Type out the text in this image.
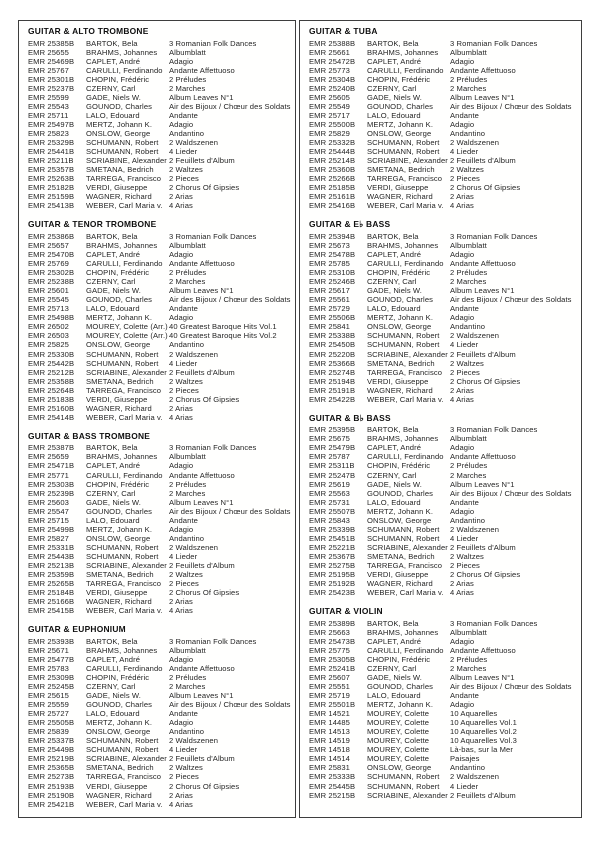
GUITAR & ALTO TROMBONE
EMR 25385B	BARTOK, Bela	3 Romanian Folk Dances
EMR 25655	BRAHMS, Johannes	Albumblatt
EMR 25469B	CAPLET, André	Adagio
EMR 25767	CARULLI, Ferdinando Andante Affettuoso
EMR 25301B	CHOPIN, Frédéric	2 Préludes
EMR 25237B	CZERNY, Carl	2 Marches
EMR 25599	GADE, Niels W.	Album Leaves N°1
EMR 25543	GOUNOD, Charles	Air des Bijoux / Chœur des Soldats
EMR 25711	LALO, Edouard	Andante
EMR 25497B	MERTZ, Johann K.	Adagio
EMR 25823	ONSLOW, George	Andantino
EMR 25329B	SCHUMANN, Robert	2 Waldszenen
EMR 25441B	SCHUMANN, Robert	4 Lieder
EMR 25211B	SCRIABINE, Alexander 2 Feuillets d'Album
EMR 25357B	SMETANA, Bedrich	2 Waltzes
EMR 25263B	TARREGA, Francisco	2 Pieces
EMR 25182B	VERDI, Giuseppe	2 Chorus Of Gipsies
EMR 25159B	WAGNER, Richard	2 Arias
EMR 25413B	WEBER, Carl Maria v. 4 Arias
GUITAR & TENOR TROMBONE
EMR 25386B	BARTOK, Bela	3 Romanian Folk Dances
EMR 25657	BRAHMS, Johannes	Albumblatt
EMR 25470B	CAPLET, André	Adagio
EMR 25769	CARULLI, Ferdinando Andante Affettuoso
EMR 25302B	CHOPIN, Frédéric	2 Préludes
EMR 25238B	CZERNY, Carl	2 Marches
EMR 25601	GADE, Niels W.	Album Leaves N°1
EMR 25545	GOUNOD, Charles	Air des Bijoux / Chœur des Soldats
EMR 25713	LALO, Edouard	Andante
EMR 25498B	MERTZ, Johann K.	Adagio
EMR 26502	MOUREY, Colette (Arr.) 40 Greatest Baroque Hits Vol.1
EMR 26503	MOUREY, Colette (Arr.) 40 Greatest Baroque Hits Vol.2
EMR 25825	ONSLOW, George	Andantino
EMR 25330B	SCHUMANN, Robert	2 Waldszenen
EMR 25442B	SCHUMANN, Robert	4 Lieder
EMR 25212B	SCRIABINE, Alexander 2 Feuillets d'Album
EMR 25358B	SMETANA, Bedrich	2 Waltzes
EMR 25264B	TARREGA, Francisco	2 Pieces
EMR 25183B	VERDI, Giuseppe	2 Chorus Of Gipsies
EMR 25160B	WAGNER, Richard	2 Arias
EMR 25414B	WEBER, Carl Maria v. 4 Arias
GUITAR & BASS TROMBONE
EMR 25387B	BARTOK, Bela	3 Romanian Folk Dances
EMR 25659	BRAHMS, Johannes	Albumblatt
EMR 25471B	CAPLET, André	Adagio
EMR 25771	CARULLI, Ferdinando Andante Affettuoso
EMR 25303B	CHOPIN, Frédéric	2 Préludes
EMR 25239B	CZERNY, Carl	2 Marches
EMR 25603	GADE, Niels W.	Album Leaves N°1
EMR 25547	GOUNOD, Charles	Air des Bijoux / Chœur des Soldats
EMR 25715	LALO, Edouard	Andante
EMR 25499B	MERTZ, Johann K.	Adagio
EMR 25827	ONSLOW, George	Andantino
EMR 25331B	SCHUMANN, Robert	2 Waldszenen
EMR 25443B	SCHUMANN, Robert	4 Lieder
EMR 25213B	SCRIABINE, Alexander 2 Feuillets d'Album
EMR 25359B	SMETANA, Bedrich	2 Waltzes
EMR 25265B	TARREGA, Francisco	2 Pieces
EMR 25184B	VERDI, Giuseppe	2 Chorus Of Gipsies
EMR 25166B	WAGNER, Richard	2 Arias
EMR 25415B	WEBER, Carl Maria v. 4 Arias
GUITAR & EUPHONIUM
EMR 25393B	BARTOK, Bela	3 Romanian Folk Dances
EMR 25671	BRAHMS, Johannes	Albumblatt
EMR 25477B	CAPLET, André	Adagio
EMR 25783	CARULLI, Ferdinando Andante Affettuoso
EMR 25309B	CHOPIN, Frédéric	2 Préludes
EMR 25245B	CZERNY, Carl	2 Marches
EMR 25615	GADE, Niels W.	Album Leaves N°1
EMR 25559	GOUNOD, Charles	Air des Bijoux / Chœur des Soldats
EMR 25727	LALO, Edouard	Andante
EMR 25505B	MERTZ, Johann K.	Adagio
EMR 25839	ONSLOW, George	Andantino
EMR 25337B	SCHUMANN, Robert	2 Waldszenen
EMR 25449B	SCHUMANN, Robert	4 Lieder
EMR 25219B	SCRIABINE, Alexander 2 Feuillets d'Album
EMR 25365B	SMETANA, Bedrich	2 Waltzes
EMR 25273B	TARREGA, Francisco	2 Pieces
EMR 25193B	VERDI, Giuseppe	2 Chorus Of Gipsies
EMR 25190B	WAGNER, Richard	2 Arias
EMR 25421B	WEBER, Carl Maria v. 4 Arias
GUITAR & TUBA
EMR 25388B	BARTOK, Bela	3 Romanian Folk Dances
EMR 25661	BRAHMS, Johannes	Albumblatt
EMR 25472B	CAPLET, André	Adagio
EMR 25773	CARULLI, Ferdinando Andante Affettuoso
EMR 25304B	CHOPIN, Frédéric	2 Préludes
EMR 25240B	CZERNY, Carl	2 Marches
EMR 25605	GADE, Niels W.	Album Leaves N°1
EMR 25549	GOUNOD, Charles	Air des Bijoux / Chœur des Soldats
EMR 25717	LALO, Edouard	Andante
EMR 25500B	MERTZ, Johann K.	Adagio
EMR 25829	ONSLOW, George	Andantino
EMR 25332B	SCHUMANN, Robert	2 Waldszenen
EMR 25444B	SCHUMANN, Robert	4 Lieder
EMR 25214B	SCRIABINE, Alexander 2 Feuillets d'Album
EMR 25360B	SMETANA, Bedrich	2 Waltzes
EMR 25266B	TARREGA, Francisco	2 Pieces
EMR 25185B	VERDI, Giuseppe	2 Chorus Of Gipsies
EMR 25161B	WAGNER, Richard	2 Arias
EMR 25416B	WEBER, Carl Maria v. 4 Arias
GUITAR & E♭ BASS
EMR 25394B	BARTOK, Bela	3 Romanian Folk Dances
EMR 25673	BRAHMS, Johannes	Albumblatt
EMR 25478B	CAPLET, André	Adagio
EMR 25785	CARULLI, Ferdinando Andante Affettuoso
EMR 25310B	CHOPIN, Frédéric	2 Préludes
EMR 25246B	CZERNY, Carl	2 Marches
EMR 25617	GADE, Niels W.	Album Leaves N°1
EMR 25561	GOUNOD, Charles	Air des Bijoux / Chœur des Soldats
EMR 25729	LALO, Edouard	Andante
EMR 25506B	MERTZ, Johann K.	Adagio
EMR 25841	ONSLOW, George	Andantino
EMR 25338B	SCHUMANN, Robert	2 Waldszenen
EMR 25450B	SCHUMANN, Robert	4 Lieder
EMR 25220B	SCRIABINE, Alexander 2 Feuillets d'Album
EMR 25366B	SMETANA, Bedrich	2 Waltzes
EMR 25274B	TARREGA, Francisco	2 Pieces
EMR 25194B	VERDI, Giuseppe	2 Chorus Of Gipsies
EMR 25191B	WAGNER, Richard	2 Arias
EMR 25422B	WEBER, Carl Maria v. 4 Arias
GUITAR & B♭ BASS
EMR 25395B	BARTOK, Bela	3 Romanian Folk Dances
EMR 25675	BRAHMS, Johannes	Albumblatt
EMR 25479B	CAPLET, André	Adagio
EMR 25787	CARULLI, Ferdinando Andante Affettuoso
EMR 25311B	CHOPIN, Frédéric	2 Préludes
EMR 25247B	CZERNY, Carl	2 Marches
EMR 25619	GADE, Niels W.	Album Leaves N°1
EMR 25563	GOUNOD, Charles	Air des Bijoux / Chœur des Soldats
EMR 25731	LALO, Edouard	Andante
EMR 25507B	MERTZ, Johann K.	Adagio
EMR 25843	ONSLOW, George	Andantino
EMR 25339B	SCHUMANN, Robert	2 Waldszenen
EMR 25451B	SCHUMANN, Robert	4 Lieder
EMR 25221B	SCRIABINE, Alexander 2 Feuillets d'Album
EMR 25367B	SMETANA, Bedrich	2 Waltzes
EMR 25275B	TARREGA, Francisco	2 Pieces
EMR 25195B	VERDI, Giuseppe	2 Chorus Of Gipsies
EMR 25192B	WAGNER, Richard	2 Arias
EMR 25423B	WEBER, Carl Maria v. 4 Arias
GUITAR & VIOLIN
EMR 25389B	BARTOK, Bela	3 Romanian Folk Dances
EMR 25663	BRAHMS, Johannes	Albumblatt
EMR 25473B	CAPLET, André	Adagio
EMR 25775	CARULLI, Ferdinando Andante Affettuoso
EMR 25305B	CHOPIN, Frédéric	2 Préludes
EMR 25241B	CZERNY, Carl	2 Marches
EMR 25607	GADE, Niels W.	Album Leaves N°1
EMR 25551	GOUNOD, Charles	Air des Bijoux / Chœur des Soldats
EMR 25719	LALO, Edouard	Andante
EMR 25501B	MERTZ, Johann K.	Adagio
EMR 14521	MOUREY, Colette	10 Aquarelles
EMR 14485	MOUREY, Colette	10 Aquarelles Vol.1
EMR 14513	MOUREY, Colette	10 Aquarelles Vol.2
EMR 14519	MOUREY, Colette	10 Aquarelles Vol.3
EMR 14518	MOUREY, Colette	Là-bas, sur la Mer
EMR 14514	MOUREY, Colette	Paisajes
EMR 25831	ONSLOW, George	Andantino
EMR 25333B	SCHUMANN, Robert	2 Waldszenen
EMR 25445B	SCHUMANN, Robert	4 Lieder
EMR 25215B	SCRIABINE, Alexander 2 Feuillets d'Album
